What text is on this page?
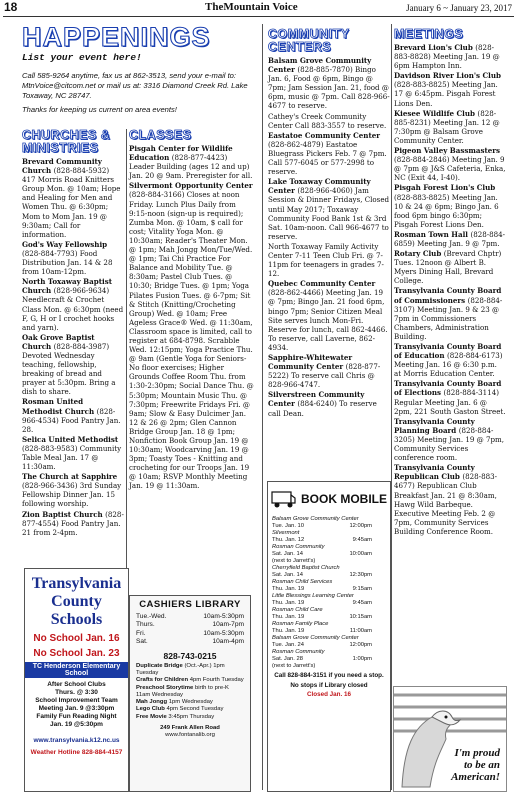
18	TheMountain Voice	January 6 ~ January 23, 2017
HAPPENINGS
List your event here!
Call 585-9264 anytime, fax us at 862-3513, send your e-mail to: MtnVoice@citcom.net or mail us at: 3316 Diamond Creek Rd. Lake Toxaway, NC 28747.
Thanks for keeping us current on area events!
CHURCHES & MINISTRIES
Brevard Community Church (828-884-5932) 417 Morris Road Knitters Group Mon. @ 10am; Hope and Healing for Men and Women Thu. @ 6:30pm; Mom to Mom Jan. 19 @ 9:30am; Call for information.
God's Way Fellowship (828-884-7793) Food Distribution Jan. 14 & 28 from 10am-12pm.
North Toxaway Baptist Church (828-966-9634) Needlecraft & Crochet Class Mon. @ 6:30pm (need F, G, H or I crochet hooks and yarn).
Oak Grove Baptist Church (828-884-3987) Devoted Wednesday teaching, fellowship, breaking of bread and prayer at 5:30pm. Bring a dish to share.
Rosman United Methodist Church (828-966-4534) Food Pantry Jan. 28.
Selica United Methodist (828-883-9583) Community Table Meal Jan. 17 @ 11:30am.
The Church at Sapphire (828-966-3436) 3rd Sunday Fellowship Dinner Jan. 15 following worship.
Zion Baptist Church (828-877-4554) Food Pantry Jan. 21 from 2-4pm.
CLASSES
Pisgah Center for Wildlife Education (828-877-4423) Leader Building (ages 12 and up) Jan. 20 @ 9am. Preregister for all.
Silvermont Opportunity Center (828-884-3166) Closes at noon Friday. Lunch Plus Daily from 9:15-noon (sign-up is required); Zumba Mon. @ 10am, $ call for cost; Vitality Yoga Mon. @ 10:30am; Reader's Theater Mon. @ 1pm; Mah Jongg Mon/Tue/Wed. @ 1pm; Tai Chi Practice For Balance and Mobility Tue. @ 8:30am; Pastel Club Tues. @ 10:30; Bridge Tues. @ 1pm; Yoga Pilates Fusion Tues. @ 6-7pm; Sit & Stitch (Knitting/Crocheting Group) Wed. @ 10am; Free Ageless Grace® Wed. @ 11:30am, Classroom space is limited, call to register at 684-8798. Scrabble Wed. 12:15pm; Yoga Practice Thu. @ 9am (Gentle Yoga for Seniors-No floor exercises; Higher Grounds Coffee Room Thu. from 1:30-2:30pm; Social Dance Thu. @ 5:30pm; Mountain Music Thu. @ 7:30pm; Freewrite Fridays Fri. @ 9am; Slow & Easy Dulcimer Jan. 12 & 26 @ 2pm; Glen Cannon Bridge Group Jan. 18 @ 1pm; Nonfiction Book Group Jan. 19 @ 10:30am; Woodcarving Jan. 19 @ 3pm; Toasty Toes - Knitting and crocheting for our Troops Jan. 19 @ 10am; RSVP Monthly Meeting Jan. 19 @ 11:30am.
COMMUNITY CENTERS
Balsam Grove Community Center (828-885-7870) Bingo Jan. 6, Food @ 6pm, Bingo @ 7pm; Jam Session Jan. 21, food @ 6pm, music @ 7pm. Call 828-966-4677 to reserve.
Cathey's Creek Community Center Call 883-3557 to reserve.
Eastatoe Community Center (828-862-4879) Eastatoe Bluegrass Pickers Feb. 7 @ 7pm. Call 577-6045 or 577-2998 to reserve.
Lake Toxaway Community Center (828-966-4060) Jam Session & Dinner Fridays, Closed until May 2017; Toxaway Community Food Bank 1st & 3rd Sat. 10am-noon. Call 966-4677 to reserve.
North Toxaway Family Activity Center 7-11 Teen Club Fri. @ 7-11pm for teenagers in grades 7-12.
Quebec Community Center (828-862-4466) Meeting Jan. 19 @ 7pm; Bingo Jan. 21 food 6pm, bingo 7pm; Senior Citizen Meal Site serves lunch Mon-Fri. Reserve for lunch, call 862-4466. To reserve, call Laverne, 862-4934.
Sapphire-Whitewater Community Center (828-877-5222) To reserve call Chris @ 828-966-4747.
Silverstreen Community Center (884-6240) To reserve call Dean.
MEETINGS
Brevard Lion's Club (828-883-8828) Meeting Jan. 19 @ 6pm Hampton Inn.
Davidson River Lion's Club (828-883-8825) Meeting Jan. 17 @ 6:45pm. Pisgah Forest Lions Den.
Kiesee Wildlife Club (828-885-8231) Meeting Jan. 12 @ 7:30pm @ Balsam Grove Community Center.
Pigeon Valley Bassmasters (828-884-2846) Meeting Jan. 9 @ 7pm @ J&S Cafeteria, Enka, NC (Exit 44, I-40).
Pisgah Forest Lion's Club (828-883-8825) Meeting Jan. 10 & 24 @ 6pm; Bingo Jan. 6 food 6pm bingo 6:30pm; Pisgah Forest Lions Den.
Rosman Town Hall (828-884-6859) Meeting Jan. 9 @ 7pm.
Rotary Club (Brevard Chptr) Tues. 12noon @ Albert B. Myers Dining Hall, Brevard College.
Transylvania County Board of Commissioners (828-884-3107) Meeting Jan. 9 & 23 @ 7pm in Commissioners Chambers, Administration Building.
Transylvania County Board of Education (828-884-6173) Meeting Jan. 16 @ 6:30 p.m. at Morris Education Center.
Transylvania County Board of Elections (828-884-3114) Regular Meeting Jan. 6 @ 2pm, 221 South Gaston Street.
Transylvania County Planning Board (828-884-3205) Meeting Jan. 19 @ 7pm, Community Services conference room.
Transylvania County Republican Club (828-883-4677) Republican Club Breakfast Jan. 21 @ 8:30am, Hawg Wild Barbeque. Executive Meeting Feb. 2 @ 7pm, Community Services Building Conference Room.
Transylvania County Schools
No School Jan. 16
No School Jan. 23
TC Henderson Elementary School
After School Clubs
Thurs. @ 3:30
School Improvement Team
Meeting Jan. 9 @3:30pm
Family Fun Reading Night
Jan. 19 @5:30pm
www.transylvania.k12.nc.us
Weather Hotline 828-884-4157
CASHIERS LIBRARY
Tue.-Wed.	10am-5:30pm
Thurs.	10am-7pm
Fri.	10am-5:30pm
Sat.	10am-4pm
828-743-0215
Duplicate Bridge (Oct.-Apr.) 1pm Tuesday
Crafts for Children 4pm Fourth Tuesday
Preschool Storytime birth to pre-K 11am Wednesday
Mah Jongg 1pm Wednesday
Lego Club 4pm Second Tuesday
Free Movie 3:45pm Thursday
249 Frank Allen Road
www.fontanalib.org
BOOK MOBILE
Balsam Grove Community Center
Tue. Jan. 10	12:00pm
Silvermont
Thu. Jan. 12	9:45am
Rosman Community
Sat. Jan. 14	10:00am
(next to Jarrett's)
Cherryfield Baptist Church
Sat. Jan. 14	12:30pm
Rosman Child Services
Thu. Jan. 19	9:15am
Little Blessings Learning Center
Thu. Jan. 19	9:45am
Rosman Child Care
Thu. Jan. 19	10:15am
Rosman Family Place
Thu. Jan. 19	11:00am
Balsam Grove Community Center
Tue. Jan. 24	12:00pm
Rosman Community
Sat. Jan. 28	1:00pm
(next to Jarrett's)
Call 828-884-3151 if you need a stop.
No stops if Library closed
Closed Jan. 16
I'm proud
to be an
American!
